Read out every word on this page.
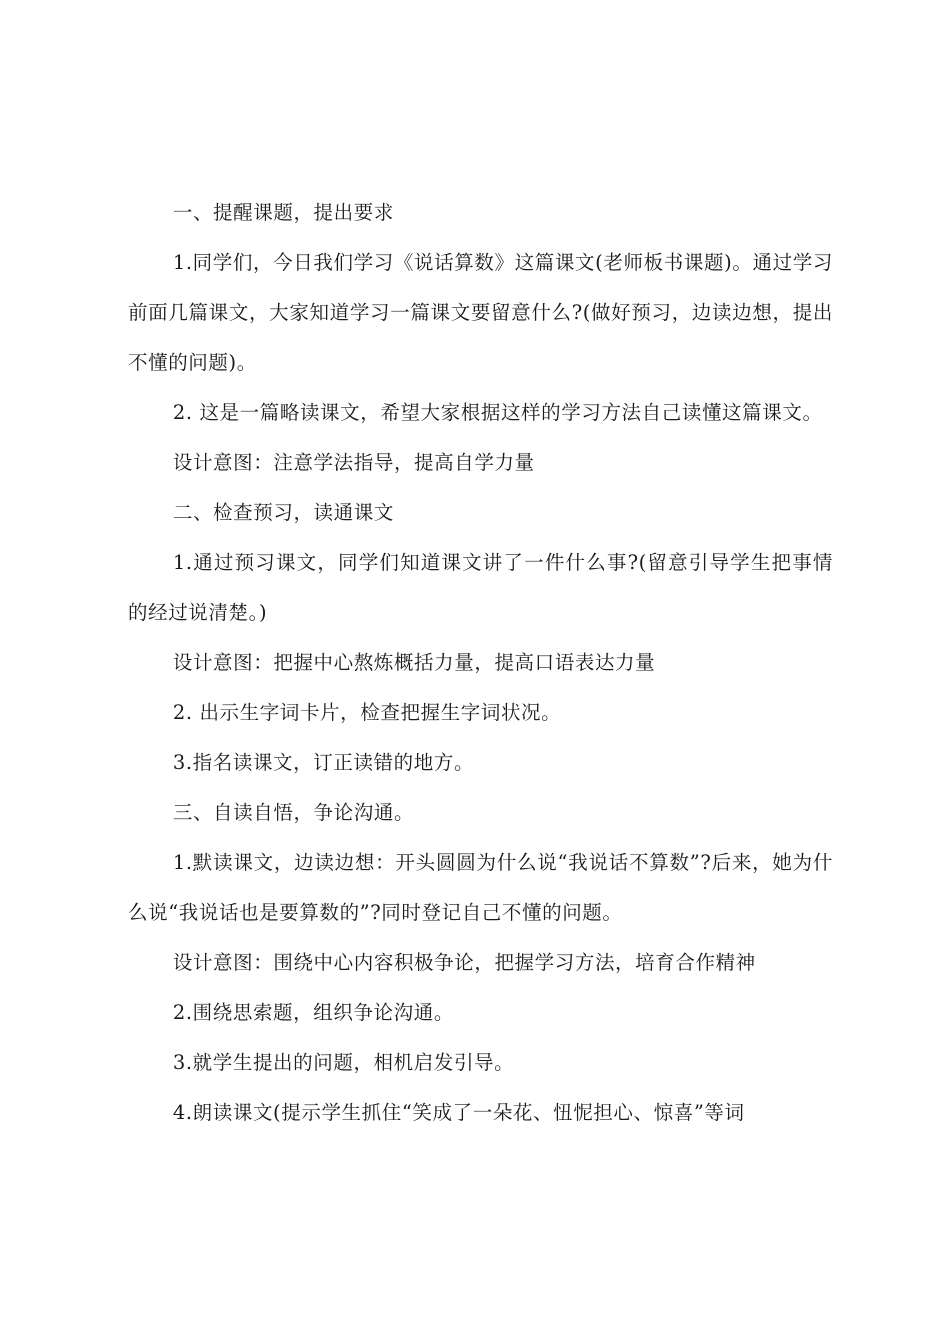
一、提醒课题，提出要求

1.同学们，今日我们学习《说话算数》这篇课文(老师板书课题)。通过学习前面几篇课文，大家知道学习一篇课文要留意什么?(做好预习，边读边想，提出不懂的问题)。

2. 这是一篇略读课文，希望大家根据这样的学习方法自己读懂这篇课文。

设计意图：注意学法指导，提高自学力量

二、检查预习，读通课文

1.通过预习课文，同学们知道课文讲了一件什么事?(留意引导学生把事情的经过说清楚。)

设计意图：把握中心熬炼概括力量，提高口语表达力量

2. 出示生字词卡片，检查把握生字词状况。

3.指名读课文，订正读错的地方。

三、自读自悟，争论沟通。

1.默读课文，边读边想：开头圆圆为什么说“我说话不算数”?后来，她为什么说“我说话也是要算数的”?同时登记自己不懂的问题。

设计意图：围绕中心内容积极争论，把握学习方法，培育合作精神

2.围绕思索题，组织争论沟通。

3.就学生提出的问题，相机启发引导。

4.朗读课文(提示学生抓住“笑成了一朵花、忸怩担心、惊喜”等词
